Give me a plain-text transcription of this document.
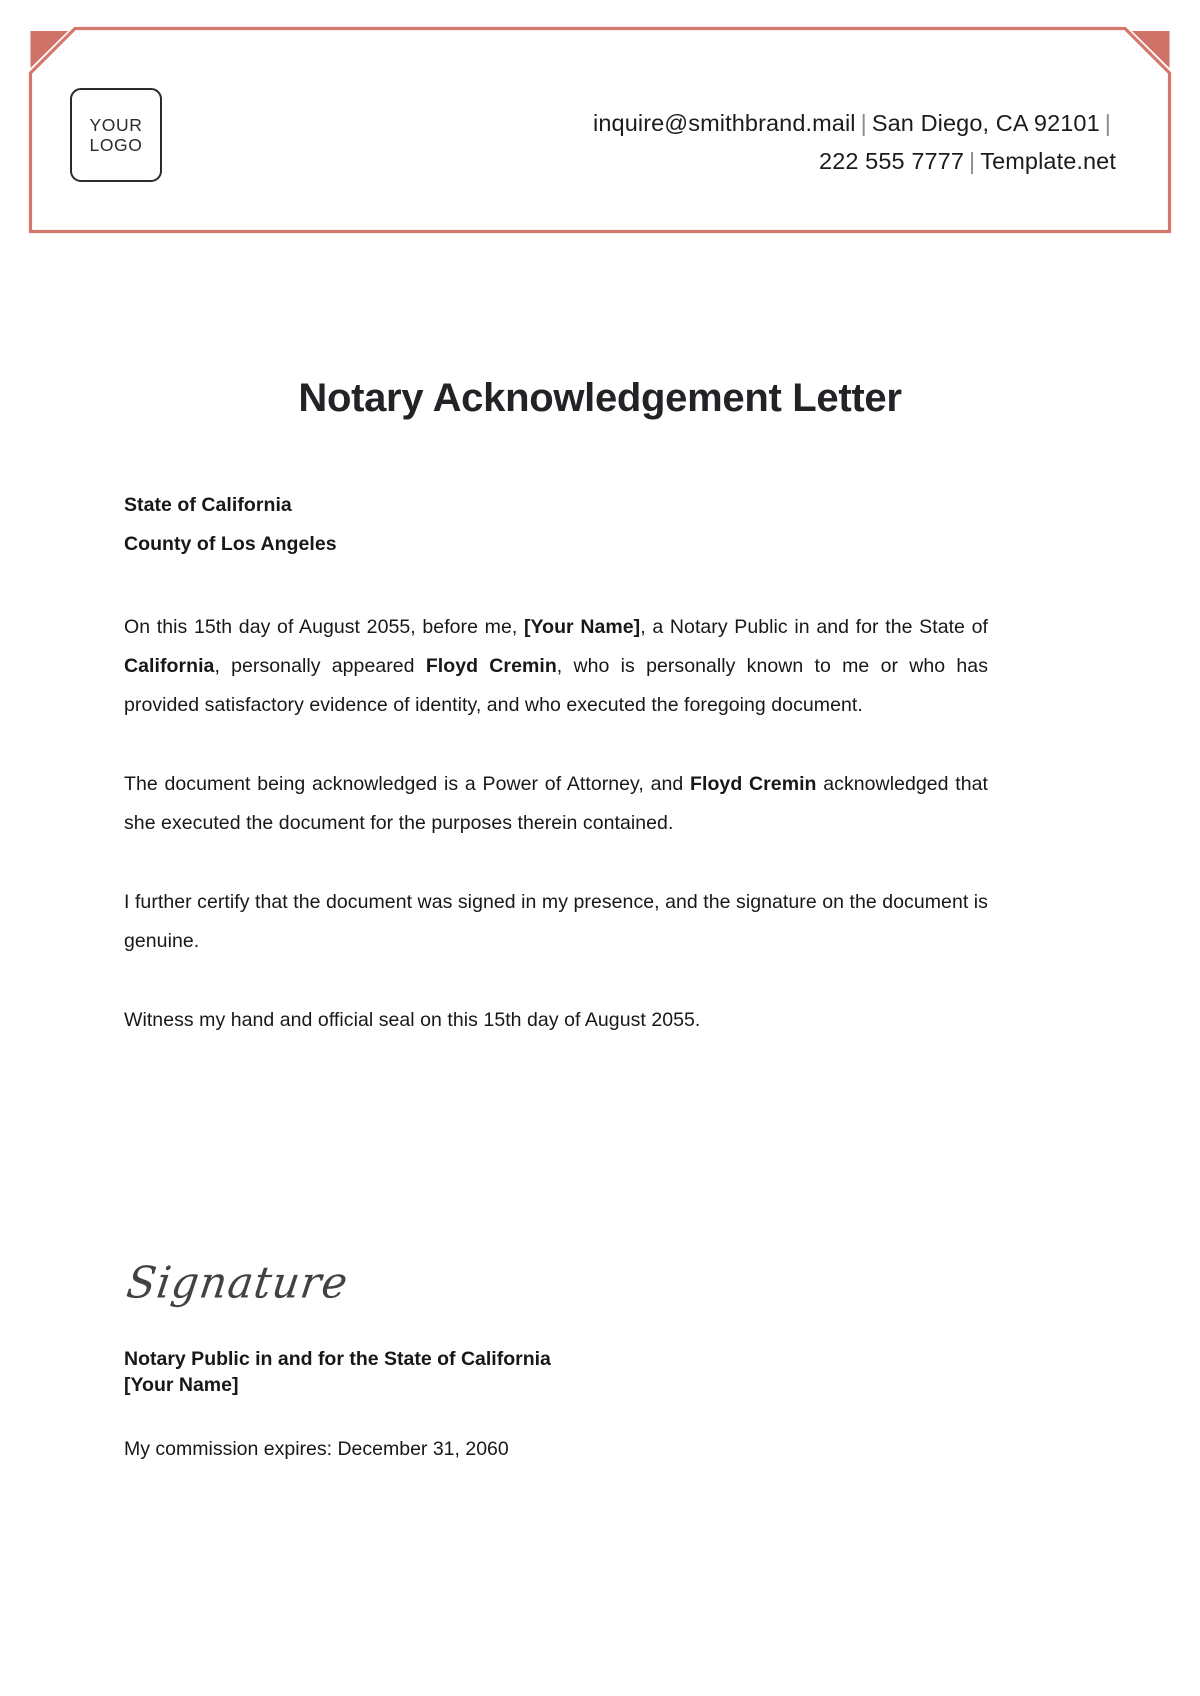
YOUR
LOGO
inquire@smithbrand.mail | San Diego, CA 92101 |
222 555 7777 | Template.net
Notary Acknowledgement Letter
State of California
County of Los Angeles
On this 15th day of August 2055, before me, [Your Name], a Notary Public in and for the State of California, personally appeared Floyd Cremin, who is personally known to me or who has provided satisfactory evidence of identity, and who executed the foregoing document.
The document being acknowledged is a Power of Attorney, and Floyd Cremin acknowledged that she executed the document for the purposes therein contained.
I further certify that the document was signed in my presence, and the signature on the document is genuine.
Witness my hand and official seal on this 15th day of August 2055.
Signature
Notary Public in and for the State of California
[Your Name]
My commission expires: December 31, 2060
